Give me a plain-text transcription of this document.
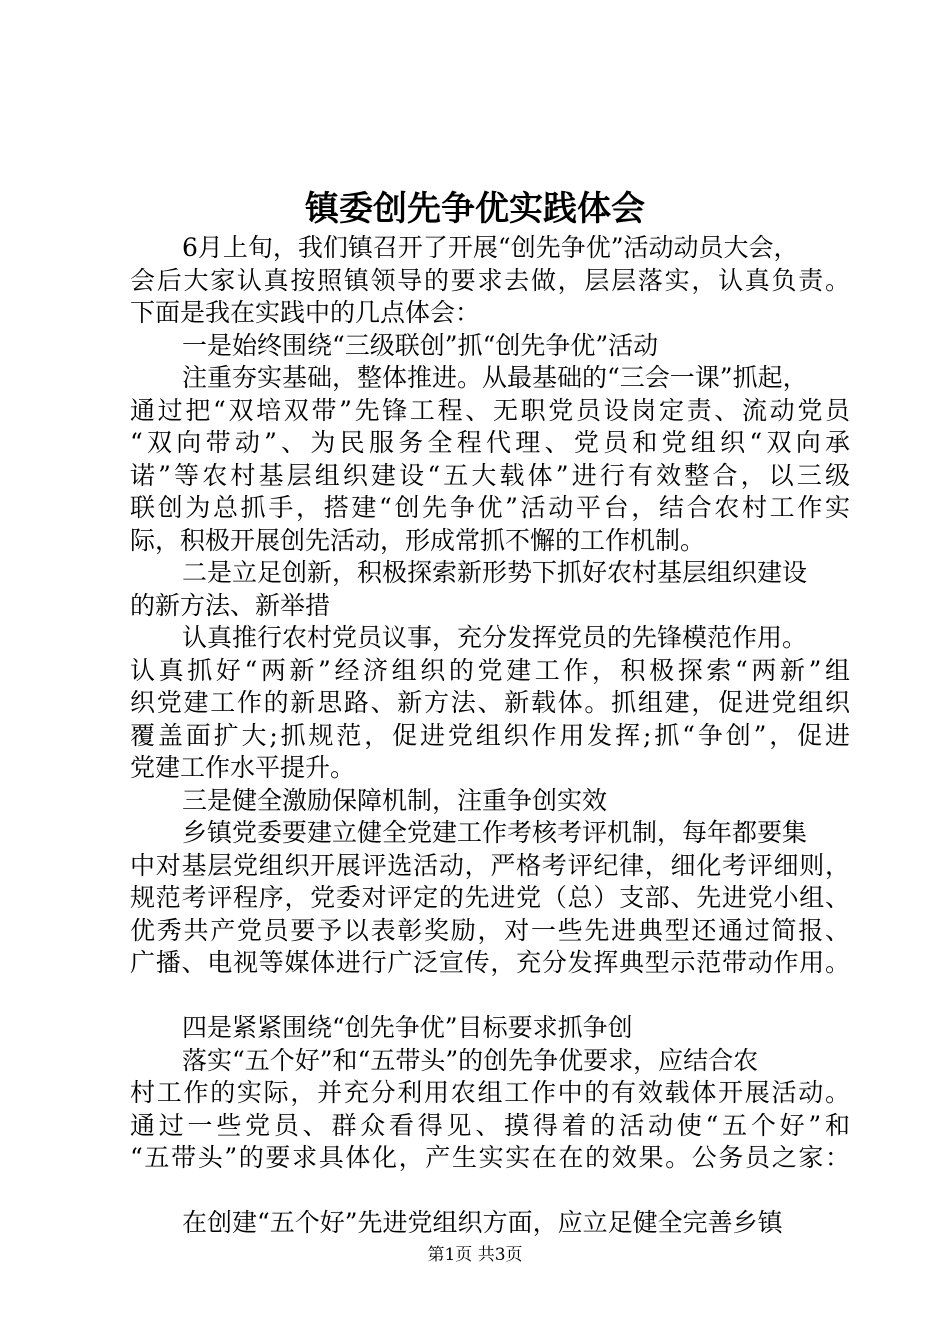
镇委创先争优实践体会
6月上旬，我们镇召开了开展“创先争优”活动动员大会，
会后大家认真按照镇领导的要求去做，层层落实，认真负责。
下面是我在实践中的几点体会：
一是始终围绕“三级联创”抓“创先争优”活动
注重夯实基础，整体推进。从最基础的“三会一课”抓起，
通过把“双培双带”先锋工程、无职党员设岗定责、流动党员
“双向带动”、为民服务全程代理、党员和党组织“双向承
诺”等农村基层组织建设“五大载体”进行有效整合，以三级
联创为总抓手，搭建“创先争优”活动平台，结合农村工作实
际，积极开展创先活动，形成常抓不懈的工作机制。
二是立足创新，积极探索新形势下抓好农村基层组织建设
的新方法、新举措
认真推行农村党员议事，充分发挥党员的先锋模范作用。
认真抓好“两新”经济组织的党建工作，积极探索“两新”组
织党建工作的新思路、新方法、新载体。抓组建，促进党组织
覆盖面扩大;抓规范，促进党组织作用发挥;抓“争创”，促进
党建工作水平提升。
三是健全激励保障机制，注重争创实效
乡镇党委要建立健全党建工作考核考评机制，每年都要集
中对基层党组织开展评选活动，严格考评纪律，细化考评细则，
规范考评程序，党委对评定的先进党（总）支部、先进党小组、
优秀共产党员要予以表彰奖励，对一些先进典型还通过简报、
广播、电视等媒体进行广泛宣传，充分发挥典型示范带动作用。
四是紧紧围绕“创先争优”目标要求抓争创
落实“五个好”和“五带头”的创先争优要求，应结合农
村工作的实际，并充分利用农组工作中的有效载体开展活动。
通过一些党员、群众看得见、摸得着的活动使“五个好”和
“五带头”的要求具体化，产生实实在在的效果。公务员之家：
在创建“五个好”先进党组织方面，应立足健全完善乡镇
第1页 共3页
